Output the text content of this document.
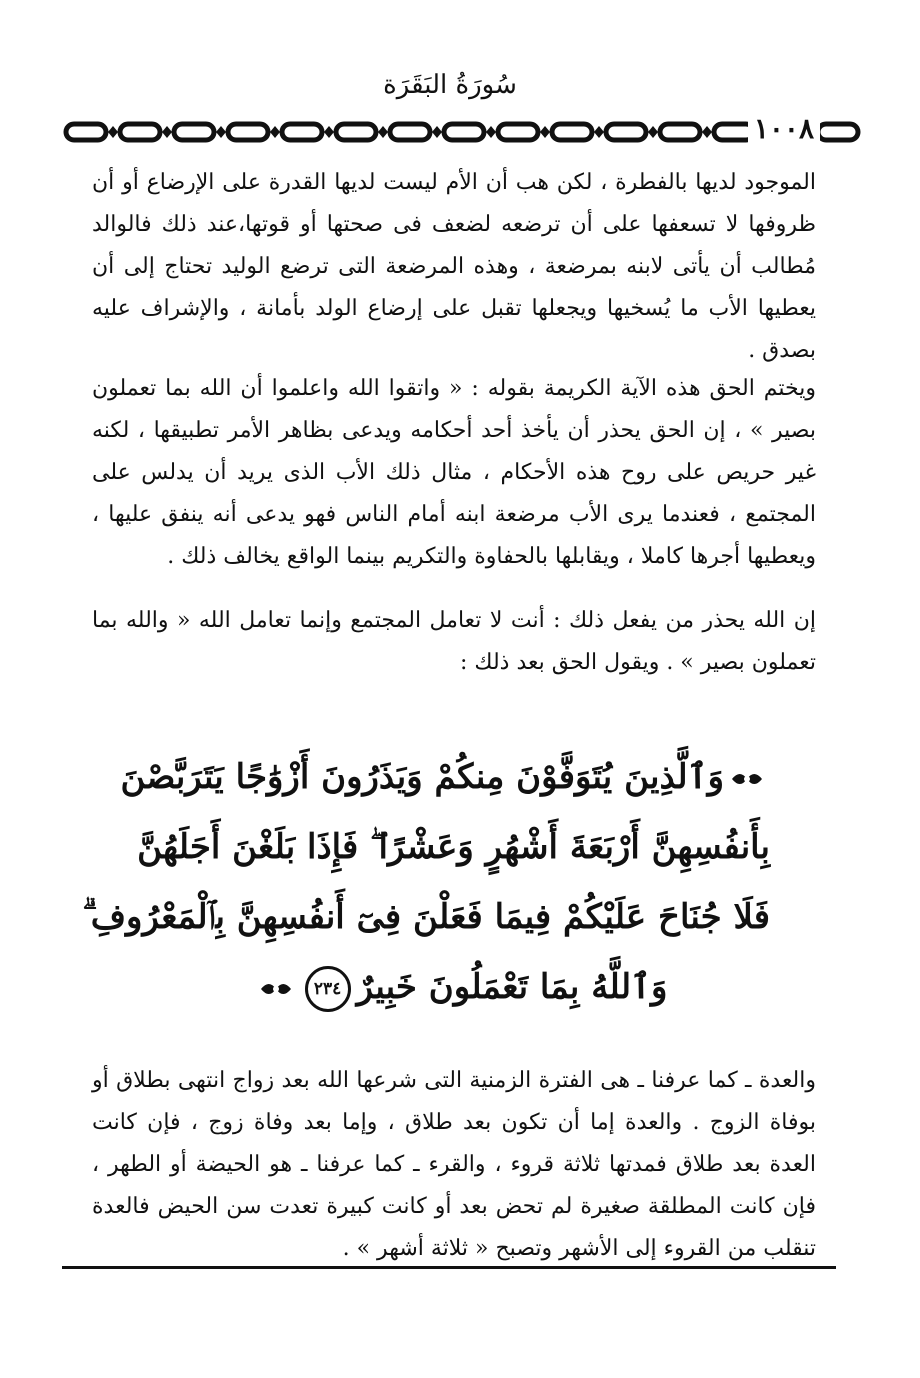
سُورَةُ البَقَرَة
١٠٠٨

الموجود لديها بالفطرة ، لكن هب أن الأم ليست لديها القدرة على الإرضاع أو أن ظروفها لا تسعفها على أن ترضعه لضعف فى صحتها أو قوتها،عند ذلك فالوالد مُطالب أن يأتى لابنه بمرضعة ، وهذه المرضعة التى ترضع الوليد تحتاج إلى أن يعطيها الأب ما يُسخيها ويجعلها تقبل على إرضاع الولد بأمانة ، والإشراف عليه بصدق .

ويختم الحق هذه الآية الكريمة بقوله : « واتقوا الله واعلموا أن الله بما تعملون بصير » ، إن الحق يحذر أن يأخذ أحد أحكامه ويدعى بظاهر الأمر تطبيقها ، لكنه غير حريص على روح هذه الأحكام ، مثال ذلك الأب الذى يريد أن يدلس على المجتمع ، فعندما يرى الأب مرضعة ابنه أمام الناس فهو يدعى أنه ينفق عليها ، ويعطيها أجرها كاملا ، ويقابلها بالحفاوة والتكريم بينما الواقع يخالف ذلك .

إن الله يحذر من يفعل ذلك : أنت لا تعامل المجتمع وإنما تعامل الله « والله بما تعملون بصير » . ويقول الحق بعد ذلك :

وَٱلَّذِينَ يُتَوَفَّوْنَ مِنكُمْ وَيَذَرُونَ أَزْوَٰجًا يَتَرَبَّصْنَ
بِأَنفُسِهِنَّ أَرْبَعَةَ أَشْهُرٍ وَعَشْرًا ۖ فَإِذَا بَلَغْنَ أَجَلَهُنَّ
فَلَا جُنَاحَ عَلَيْكُمْ فِيمَا فَعَلْنَ فِىٓ أَنفُسِهِنَّ بِٱلْمَعْرُوفِ ۗ
وَٱللَّهُ بِمَا تَعْمَلُونَ خَبِيرٌ٢٣٤

والعدة ـ كما عرفنا ـ هى الفترة الزمنية التى شرعها الله بعد زواج انتهى بطلاق أو بوفاة الزوج . والعدة إما أن تكون بعد طلاق ، وإما بعد وفاة زوج ، فإن كانت العدة بعد طلاق فمدتها ثلاثة قروء ، والقرء ـ كما عرفنا ـ هو الحيضة أو الطهر ، فإن كانت المطلقة صغيرة لم تحض بعد أو كانت كبيرة تعدت سن الحيض فالعدة تنقلب من القروء إلى الأشهر وتصبح « ثلاثة أشهر » .
